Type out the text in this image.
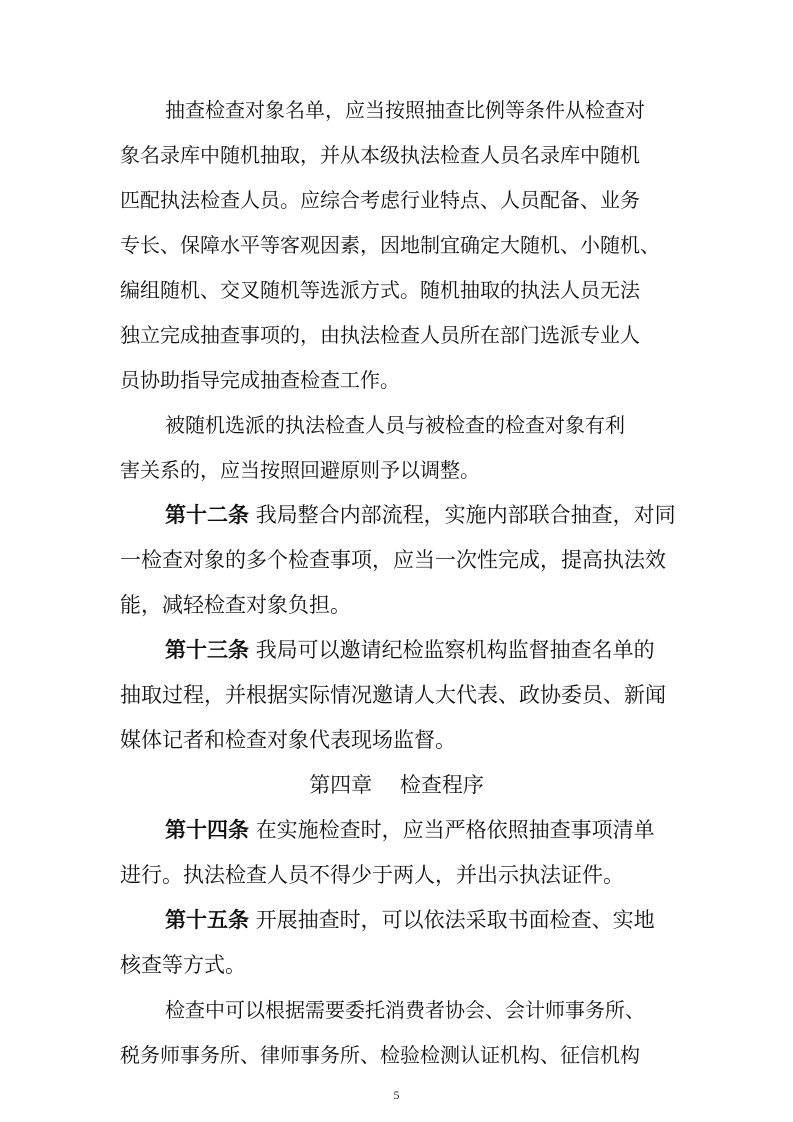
抽查检查对象名单，应当按照抽查比例等条件从检查对
象名录库中随机抽取，并从本级执法检查人员名录库中随机
匹配执法检查人员。应综合考虑行业特点、人员配备、业务
专长、保障水平等客观因素，因地制宜确定大随机、小随机、
编组随机、交叉随机等选派方式。随机抽取的执法人员无法
独立完成抽查事项的，由执法检查人员所在部门选派专业人
员协助指导完成抽查检查工作。
被随机选派的执法检查人员与被检查的检查对象有利
害关系的，应当按照回避原则予以调整。
第十二条 我局整合内部流程，实施内部联合抽查，对同
一检查对象的多个检查事项，应当一次性完成，提高执法效
能，减轻检查对象负担。
第十三条 我局可以邀请纪检监察机构监督抽查名单的
抽取过程，并根据实际情况邀请人大代表、政协委员、新闻
媒体记者和检查对象代表现场监督。
第四章　 检查程序
第十四条 在实施检查时，应当严格依照抽查事项清单
进行。执法检查人员不得少于两人，并出示执法证件。
第十五条 开展抽查时，可以依法采取书面检查、实地
核查等方式。
检查中可以根据需要委托消费者协会、会计师事务所、
税务师事务所、律师事务所、检验检测认证机构、征信机构
5
